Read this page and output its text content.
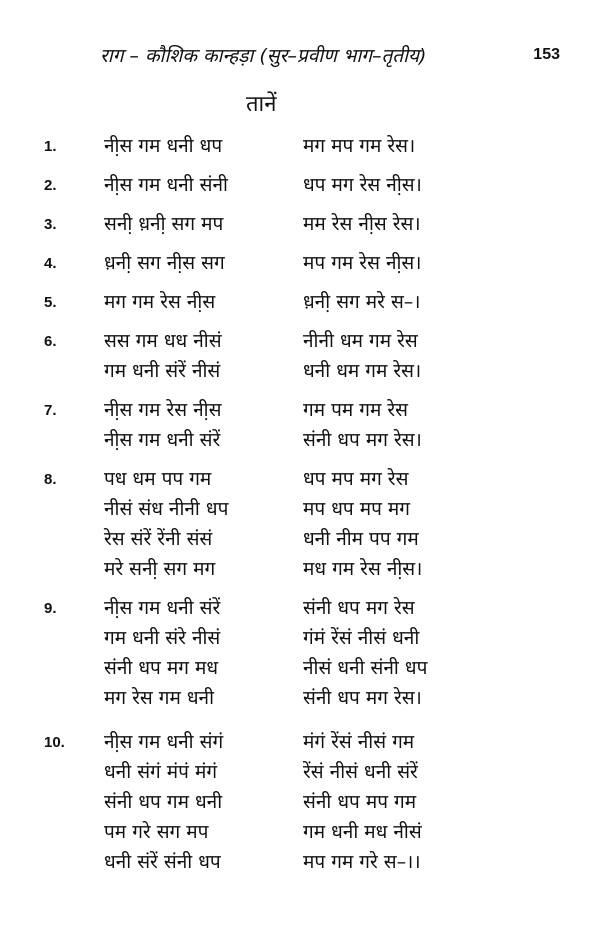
राग – कौशिक कान्हड़ा (सुर–प्रवीण भाग–तृतीय)	153
तानें
1. नी़स गम धनी धप	मग मप गम रेस।
2. नी़स गम धनी संनी	धप मग रेस नी़स।
3. सनी़ ध़नी़ सग मप	मम रेस नी़स रेस।
4. ध़नी़ सग नी़स सग	मप गम रेस नी़स।
5. मग गम रेस नी़स	ध़नी़ सग मरे स–।
6. सस गम धध नीसं	नीनी धम गम रेस
गम धनी संरें नीसं	धनी धम गम रेस।
7. नी़स गम रेस नी़स	गम पम गम रेस
नी़स गम धनी संरें	संनी धप मग रेस।
8. पध धम पप गम	धप मप मग रेस
नीसं संध नीनी धप	मप धप मप मग
रेस संरें रेंनी संसं	धनी नीम पप गम
मरे सनी़ सग मग	मध गम रेस नी़स।
9. नी़स गम धनी संरें	संनी धप मग रेस
गम धनी संरे नीसं	गंमं रेंसं नीसं धनी
संनी धप मग मध	नीसं धनी संनी धप
मग रेस गम धनी	संनी धप मग रेस।
10. नी़स गम धनी संगं	मंगं रेंसं नीसं गम
धनी संगं मंपं मंगं	रेंसं नीसं धनी संरें
संनी धप गम धनी	संनी धप मप गम
पम गरे सग मप	गम धनी मध नीसं
धनी संरें संनी धप	मप गम गरे स–।।
